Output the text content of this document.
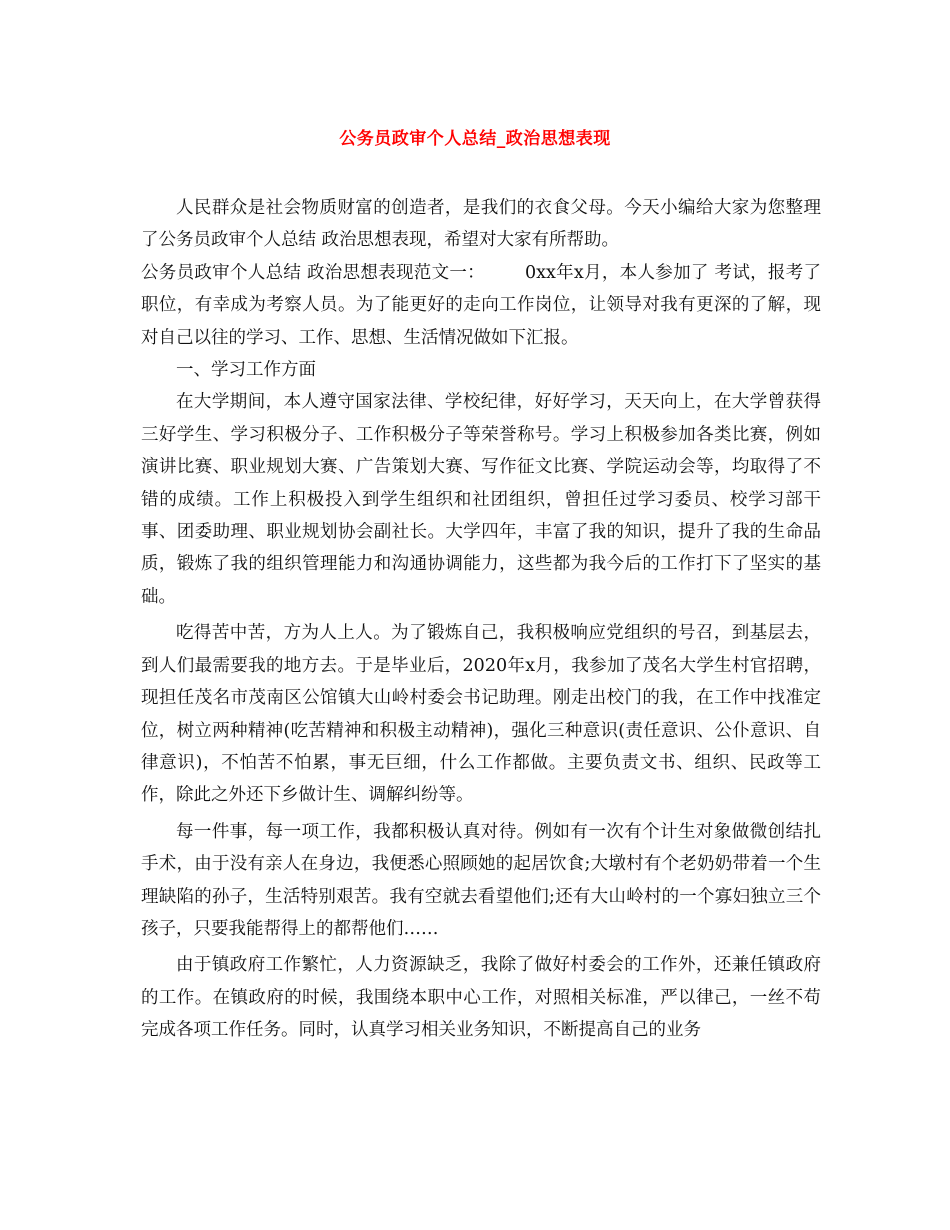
公务员政审个人总结_政治思想表现

人民群众是社会物质财富的创造者，是我们的衣食父母。今天小编给大家为您整理了公务员政审个人总结 政治思想表现，希望对大家有所帮助。

公务员政审个人总结 政治思想表现范文一： 0xx年x月，本人参加了 考试，报考了职位，有幸成为考察人员。为了能更好的走向工作岗位，让领导对我有更深的了解，现对自己以往的学习、工作、思想、生活情况做如下汇报。

一、学习工作方面

在大学期间，本人遵守国家法律、学校纪律，好好学习，天天向上，在大学曾获得三好学生、学习积极分子、工作积极分子等荣誉称号。学习上积极参加各类比赛，例如演讲比赛、职业规划大赛、广告策划大赛、写作征文比赛、学院运动会等，均取得了不错的成绩。工作上积极投入到学生组织和社团组织，曾担任过学习委员、校学习部干事、团委助理、职业规划协会副社长。大学四年，丰富了我的知识，提升了我的生命品质，锻炼了我的组织管理能力和沟通协调能力，这些都为我今后的工作打下了坚实的基础。

吃得苦中苦，方为人上人。为了锻炼自己，我积极响应党组织的号召，到基层去，到人们最需要我的地方去。于是毕业后，2020年x月，我参加了茂名大学生村官招聘，现担任茂名市茂南区公馆镇大山岭村委会书记助理。刚走出校门的我，在工作中找准定位，树立两种精神(吃苦精神和积极主动精神)，强化三种意识(责任意识、公仆意识、自律意识)，不怕苦不怕累，事无巨细，什么工作都做。主要负责文书、组织、民政等工作，除此之外还下乡做计生、调解纠纷等。

每一件事，每一项工作，我都积极认真对待。例如有一次有个计生对象做微创结扎手术，由于没有亲人在身边，我便悉心照顾她的起居饮食;大墩村有个老奶奶带着一个生理缺陷的孙子，生活特别艰苦。我有空就去看望他们;还有大山岭村的一个寡妇独立三个孩子，只要我能帮得上的都帮他们……

由于镇政府工作繁忙，人力资源缺乏，我除了做好村委会的工作外，还兼任镇政府的工作。在镇政府的时候，我围绕本职中心工作，对照相关标准，严以律己，一丝不苟完成各项工作任务。同时，认真学习相关业务知识，不断提高自己的业务
